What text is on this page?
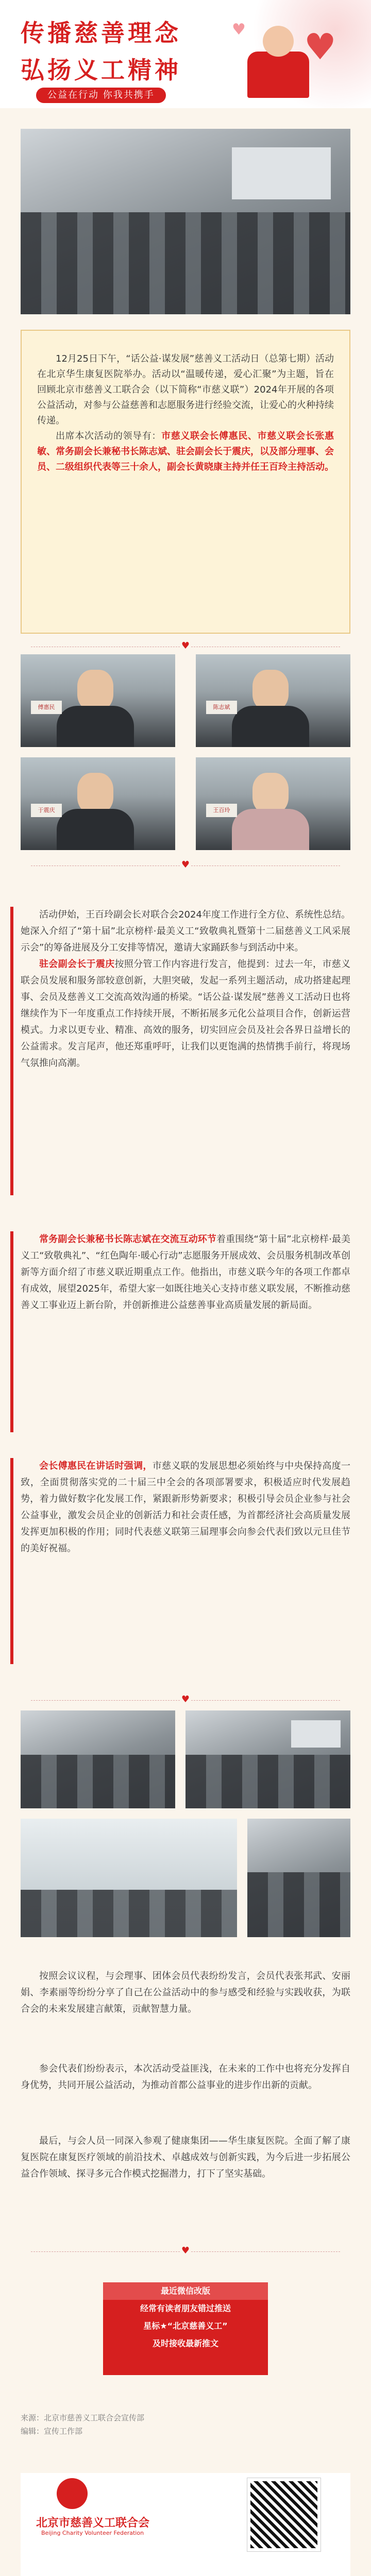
传播慈善理念
弘扬义工精神
公益在行动 你我共携手
♥ ♥

12月25日下午，“话公益·谋发展”慈善义工活动日（总第七期）活动在北京华生康复医院举办。活动以“温暖传递，爱心汇聚”为主题，旨在回顾北京市慈善义工联合会（以下简称“市慈义联”）2024年开展的各项公益活动，对参与公益慈善和志愿服务进行经验交流，让爱心的火种持续传递。

出席本次活动的领导有：市慈义联会长傅惠民、市慈义联会长张惠敏、常务副会长兼秘书长陈志斌、驻会副会长于震庆，以及部分理事、会员、二级组织代表等三十余人，副会长黄晓康主持并任王百玲主持活动。

♥
傅惠民	陈志斌
于震庆	王百玲
♥

活动伊始，王百玲副会长对联合会2024年度工作进行全方位、系统性总结。她深入介绍了“第十届”北京榜样·最美义工“致敬典礼暨第十二届慈善义工风采展示会”的筹备进展及分工安排等情况，邀请大家踊跃参与到活动中来。

驻会副会长于震庆按照分管工作内容进行发言，他提到：过去一年，市慈义联会员发展和服务部较意创新，大胆突破，发起一系列主题活动，成功搭建起理事、会员及慈善义工交流高效沟通的桥梁。“话公益·谋发展”慈善义工活动日也将继续作为下一年度重点工作持续开展，不断拓展多元化公益项目合作，创新运营模式。力求以更专业、精准、高效的服务，切实回应会员及社会各界日益增长的公益需求。发言尾声，他还郑重呼吁，让我们以更饱满的热情携手前行，将现场气氛推向高潮。

常务副会长兼秘书长陈志斌在交流互动环节着重围绕“第十届”北京榜样·最美义工“致敬典礼”、“红色陶年·暖心行动”志愿服务开展成效、会员服务机制改革创新等方面介绍了市慈义联近期重点工作。他指出，市慈义联今年的各项工作都卓有成效，展望2025年，希望大家一如既往地关心支持市慈义联发展，不断推动慈善义工事业迈上新台阶，并创新推进公益慈善事业高质量发展的新局面。

会长傅惠民在讲话时强调，市慈义联的发展思想必须始终与中央保持高度一致，全面贯彻落实党的二十届三中全会的各项部署要求，积极适应时代发展趋势，着力做好数字化发展工作，紧跟新形势新要求；积极引导会员企业参与社会公益事业，激发会员企业的创新活力和社会责任感，为首都经济社会高质量发展发挥更加积极的作用；同时代表慈义联第三届理事会向参会代表们致以元旦佳节的美好祝福。

♥

按照会议议程，与会理事、团体会员代表纷纷发言，会员代表张邦武、安丽娟、李素丽等纷纷分享了自己在公益活动中的参与感受和经验与实践收获，为联合会的未来发展建言献策，贡献智慧力量。

参会代表们纷纷表示，本次活动受益匪浅，在未来的工作中也将充分发挥自身优势，共同开展公益活动，为推动首都公益事业的进步作出新的贡献。

最后，与会人员一同深入参观了健康集团——华生康复医院。全面了解了康复医院在康复医疗领域的前沿技术、卓越成效与创新实践，为今后进一步拓展公益合作领域、探寻多元合作模式挖掘潜力，打下了坚实基础。

♥

最近微信改版

经常有读者朋友错过推送

星标★“北京慈善义工”

及时接收最新推文

来源：北京市慈善义工联合会宣传部
编辑：宣传工作部
北京市慈善义工联合会
Beijing Charity Volunteer Federation
